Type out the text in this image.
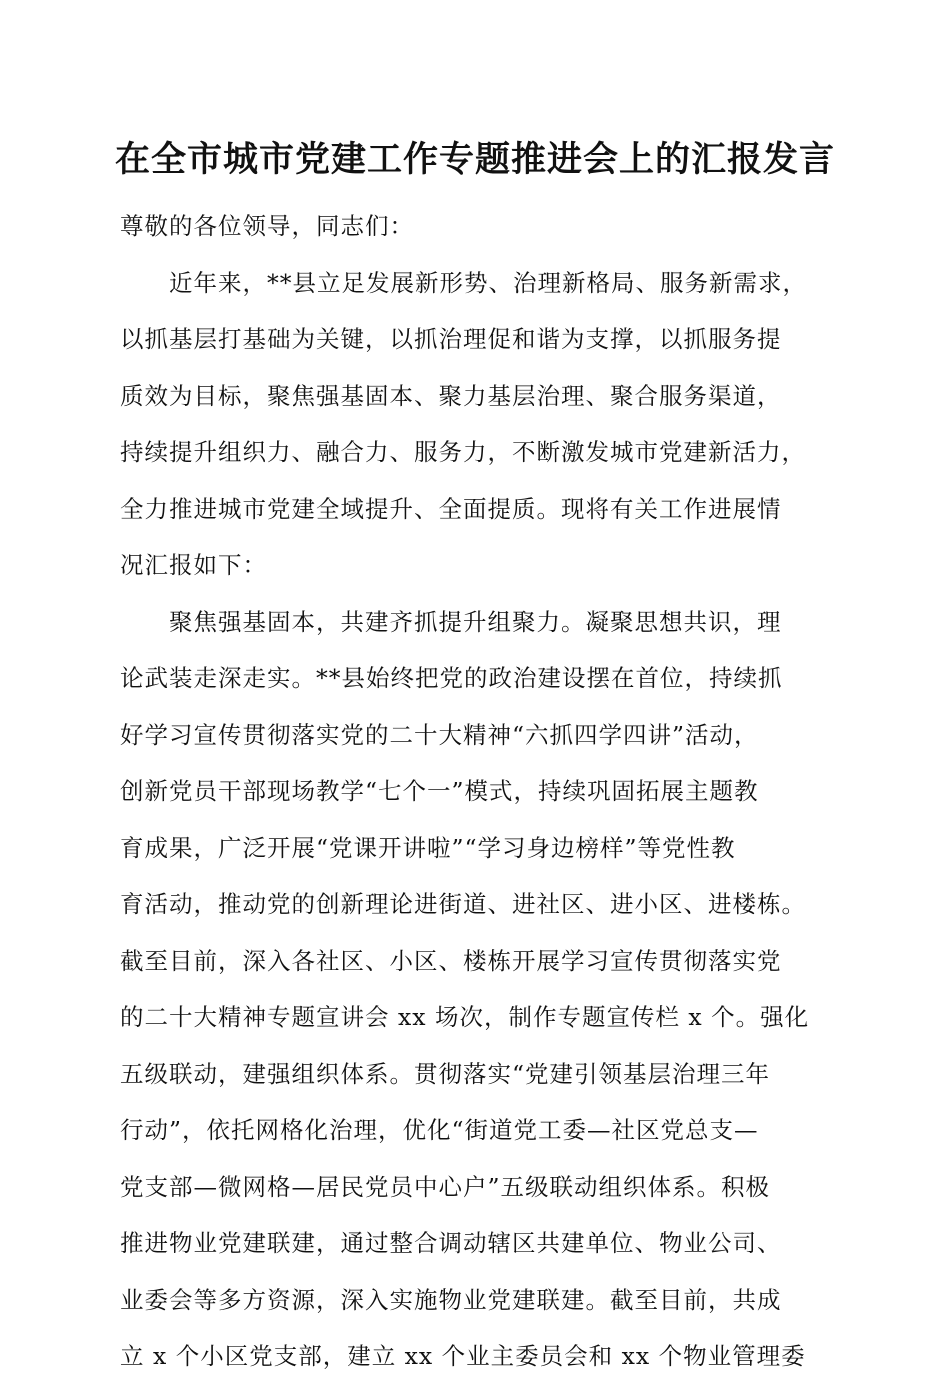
在全市城市党建工作专题推进会上的汇报发言
尊敬的各位领导，同志们：
近年来，**县立足发展新形势、治理新格局、服务新需求，
以抓基层打基础为关键，以抓治理促和谐为支撑，以抓服务提
质效为目标，聚焦强基固本、聚力基层治理、聚合服务渠道，
持续提升组织力、融合力、服务力，不断激发城市党建新活力，
全力推进城市党建全域提升、全面提质。现将有关工作进展情
况汇报如下：
聚焦强基固本，共建齐抓提升组聚力。凝聚思想共识，理
论武装走深走实。**县始终把党的政治建设摆在首位，持续抓
好学习宣传贯彻落实党的二十大精神“六抓四学四讲”活动，
创新党员干部现场教学“七个一”模式，持续巩固拓展主题教
育成果，广泛开展“党课开讲啦”“学习身边榜样”等党性教
育活动，推动党的创新理论进街道、进社区、进小区、进楼栋。
截至目前，深入各社区、小区、楼栋开展学习宣传贯彻落实党
的二十大精神专题宣讲会 xx 场次，制作专题宣传栏 x 个。强化
五级联动，建强组织体系。贯彻落实“党建引领基层治理三年
行动”，依托网格化治理，优化“街道党工委—社区党总支—
党支部—微网格—居民党员中心户”五级联动组织体系。积极
推进物业党建联建，通过整合调动辖区共建单位、物业公司、
业委会等多方资源，深入实施物业党建联建。截至目前，共成
立 x 个小区党支部，建立 xx 个业主委员会和 xx 个物业管理委
